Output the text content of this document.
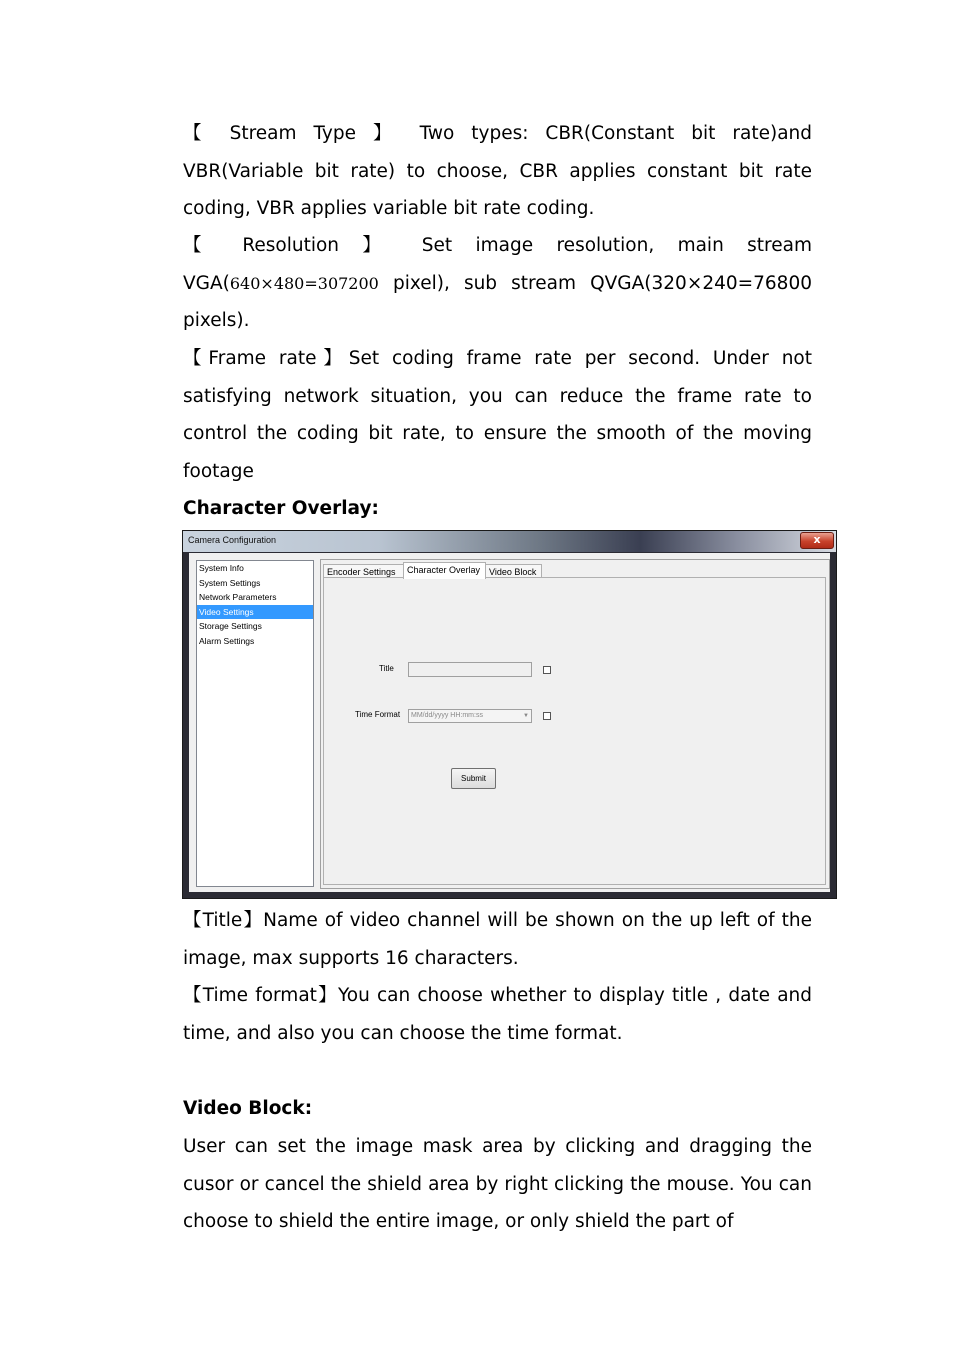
【 Stream Type 】 Two types: CBR(Constant bit rate)and VBR(Variable bit rate) to choose, CBR applies constant bit rate coding, VBR applies variable bit rate coding.

【 Resolution 】 Set image resolution, main stream VGA(640×480=307200 pixel), sub stream QVGA(320×240=76800 pixels).

【Frame rate】Set coding frame rate per second. Under not satisfying network situation, you can reduce the frame rate to control the coding bit rate, to ensure the smooth of the moving footage

Character Overlay:

Camera Configuration	x
System Info
System Settings
Network Parameters
Video Settings
Storage Settings
Alarm Settings
Encoder Settings	Character Overlay Video Block
Title
Time Format	MM/dd/yyyy HH:mm:ss	▼
Submit

【Title】Name of video channel will be shown on the up left of the image, max supports 16 characters.

【Time format】You can choose whether to display title , date and time, and also you can choose the time format.

Video Block:

User can set the image mask area by clicking and dragging the cusor or cancel the shield area by right clicking the mouse. You can choose to shield the entire image, or only shield the part of
